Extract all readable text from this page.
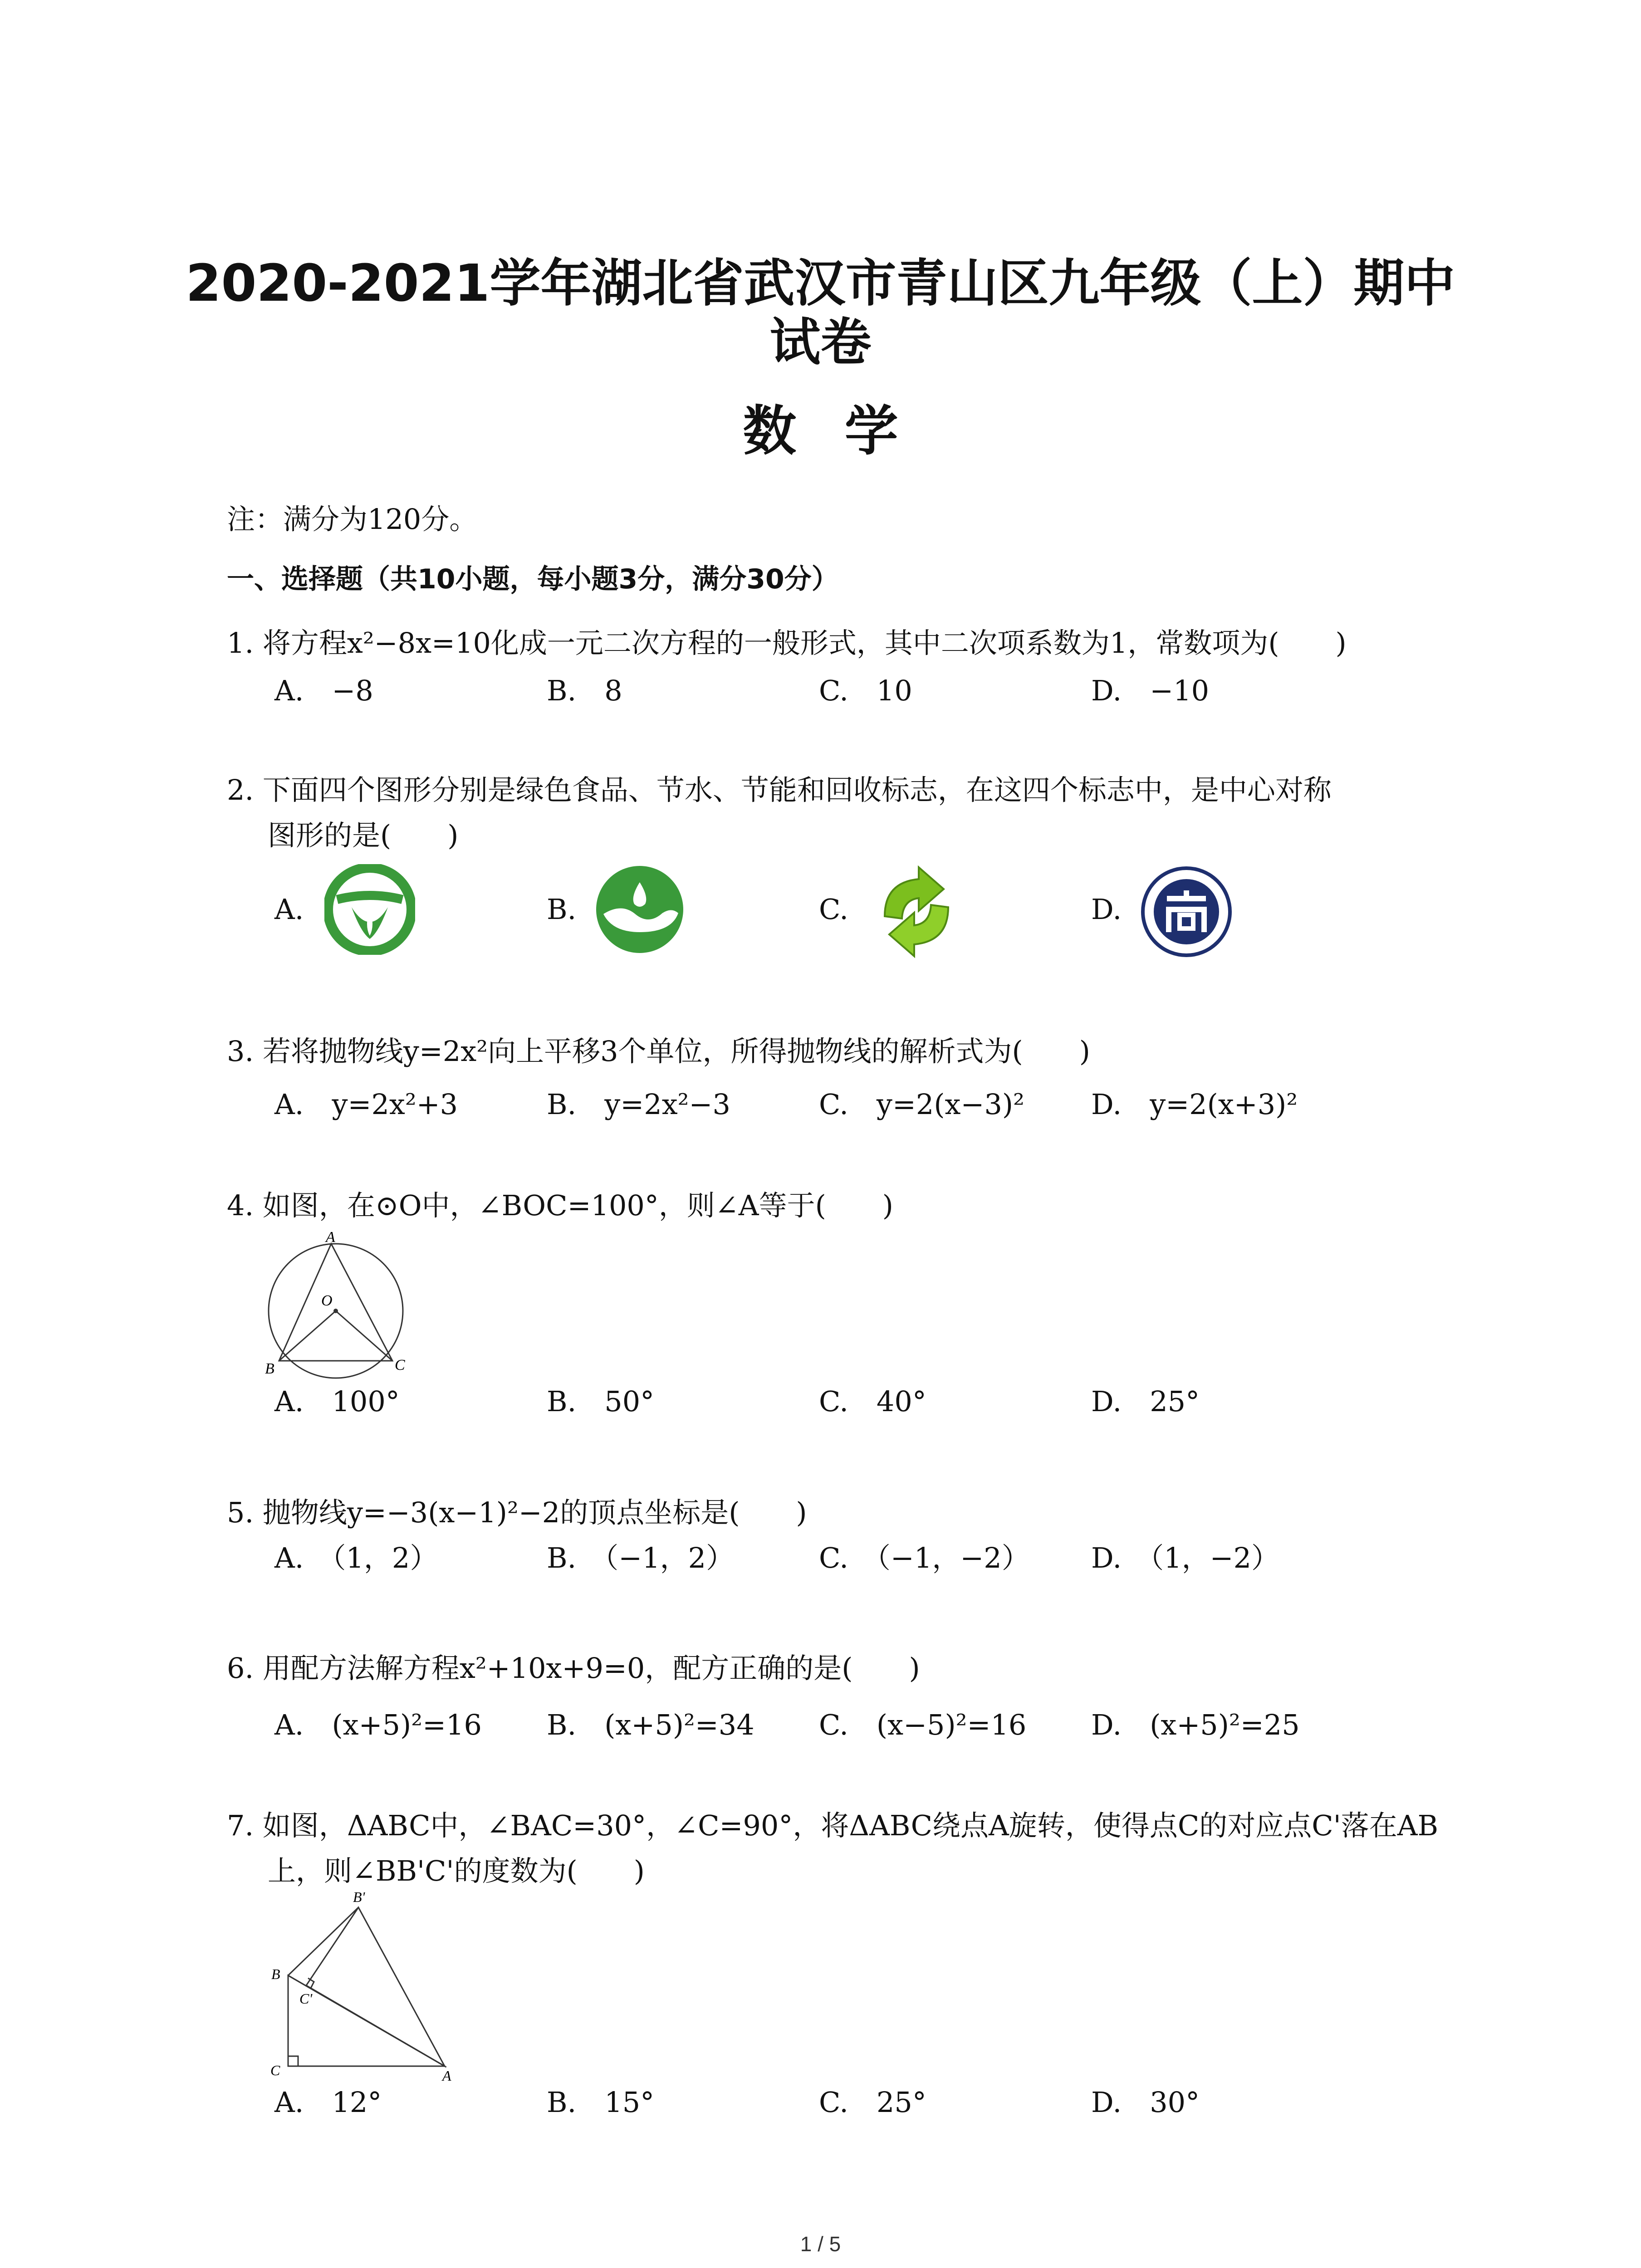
2020-2021学年湖北省武汉市青山区九年级（上）期中
试卷
数学
注：满分为120分。
一、选择题（共10小题，每小题3分，满分30分）
1. 将方程x²−8x=10化成一元二次方程的一般形式，其中二次项系数为1，常数项为(　　)
A.　−8	B.　8	C.　10	D.　−10
2. 下面四个图形分别是绿色食品、节水、节能和回收标志，在这四个标志中，是中心对称
图形的是(　　)
A.	B.	C.	D.
3. 若将抛物线y=2x²向上平移3个单位，所得抛物线的解析式为(　　)
A.　y=2x²+3	B.　y=2x²−3	C.　y=2(x−3)² D.　y=2(x+3)²
4. 如图，在⊙O中，∠BOC=100°，则∠A等于(　　)
A
O
B	C
A.　100°	B.　50°	C.　40°	D.　25°
5. 抛物线y=−3(x−1)²−2的顶点坐标是(　　)
A.　（1，2）	B.　（−1，2）	C.　（−1，−2） D.　（1，−2）
6. 用配方法解方程x²+10x+9=0，配方正确的是(　　)
A.　(x+5)²=16 B.　(x+5)²=34 C.　(x−5)²=16 D.　(x+5)²=25
7. 如图，ΔABC中，∠BAC=30°，∠C=90°，将ΔABC绕点A旋转，使得点C的对应点C'落在AB
上，则∠BB'C'的度数为(　　)
B'
B
C'
C	A
A.　12°	B.　15°	C.　25°	D.　30°
1 / 5
